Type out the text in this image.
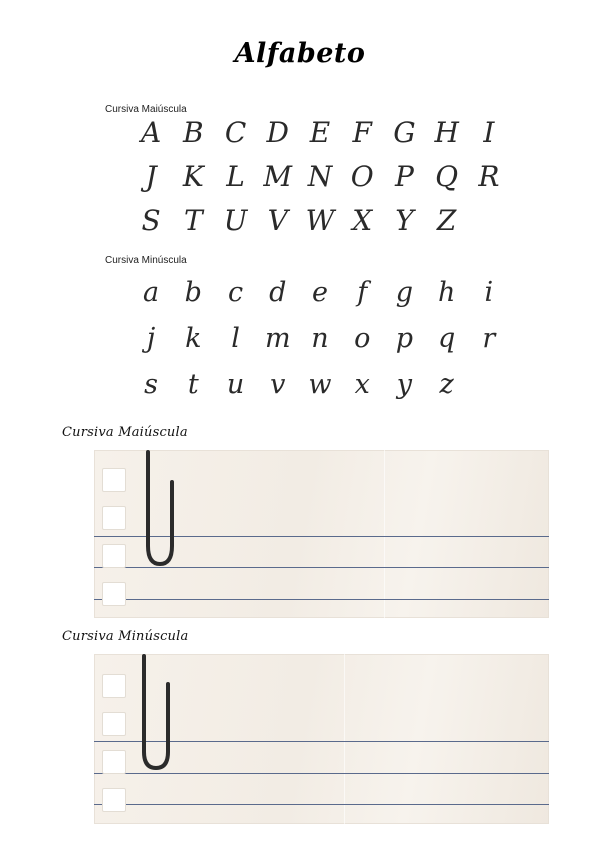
Alfabeto
Cursiva Maiúscula
A B C D E F G H I
J K L M N O P Q R
S T U V W X Y Z
Cursiva Minúscula
a b c d e	f	g h	i
j	k	l m n o p q	r
s	t	u v w x y	z
Cursiva Maiúscula
Cursiva Minúscula
